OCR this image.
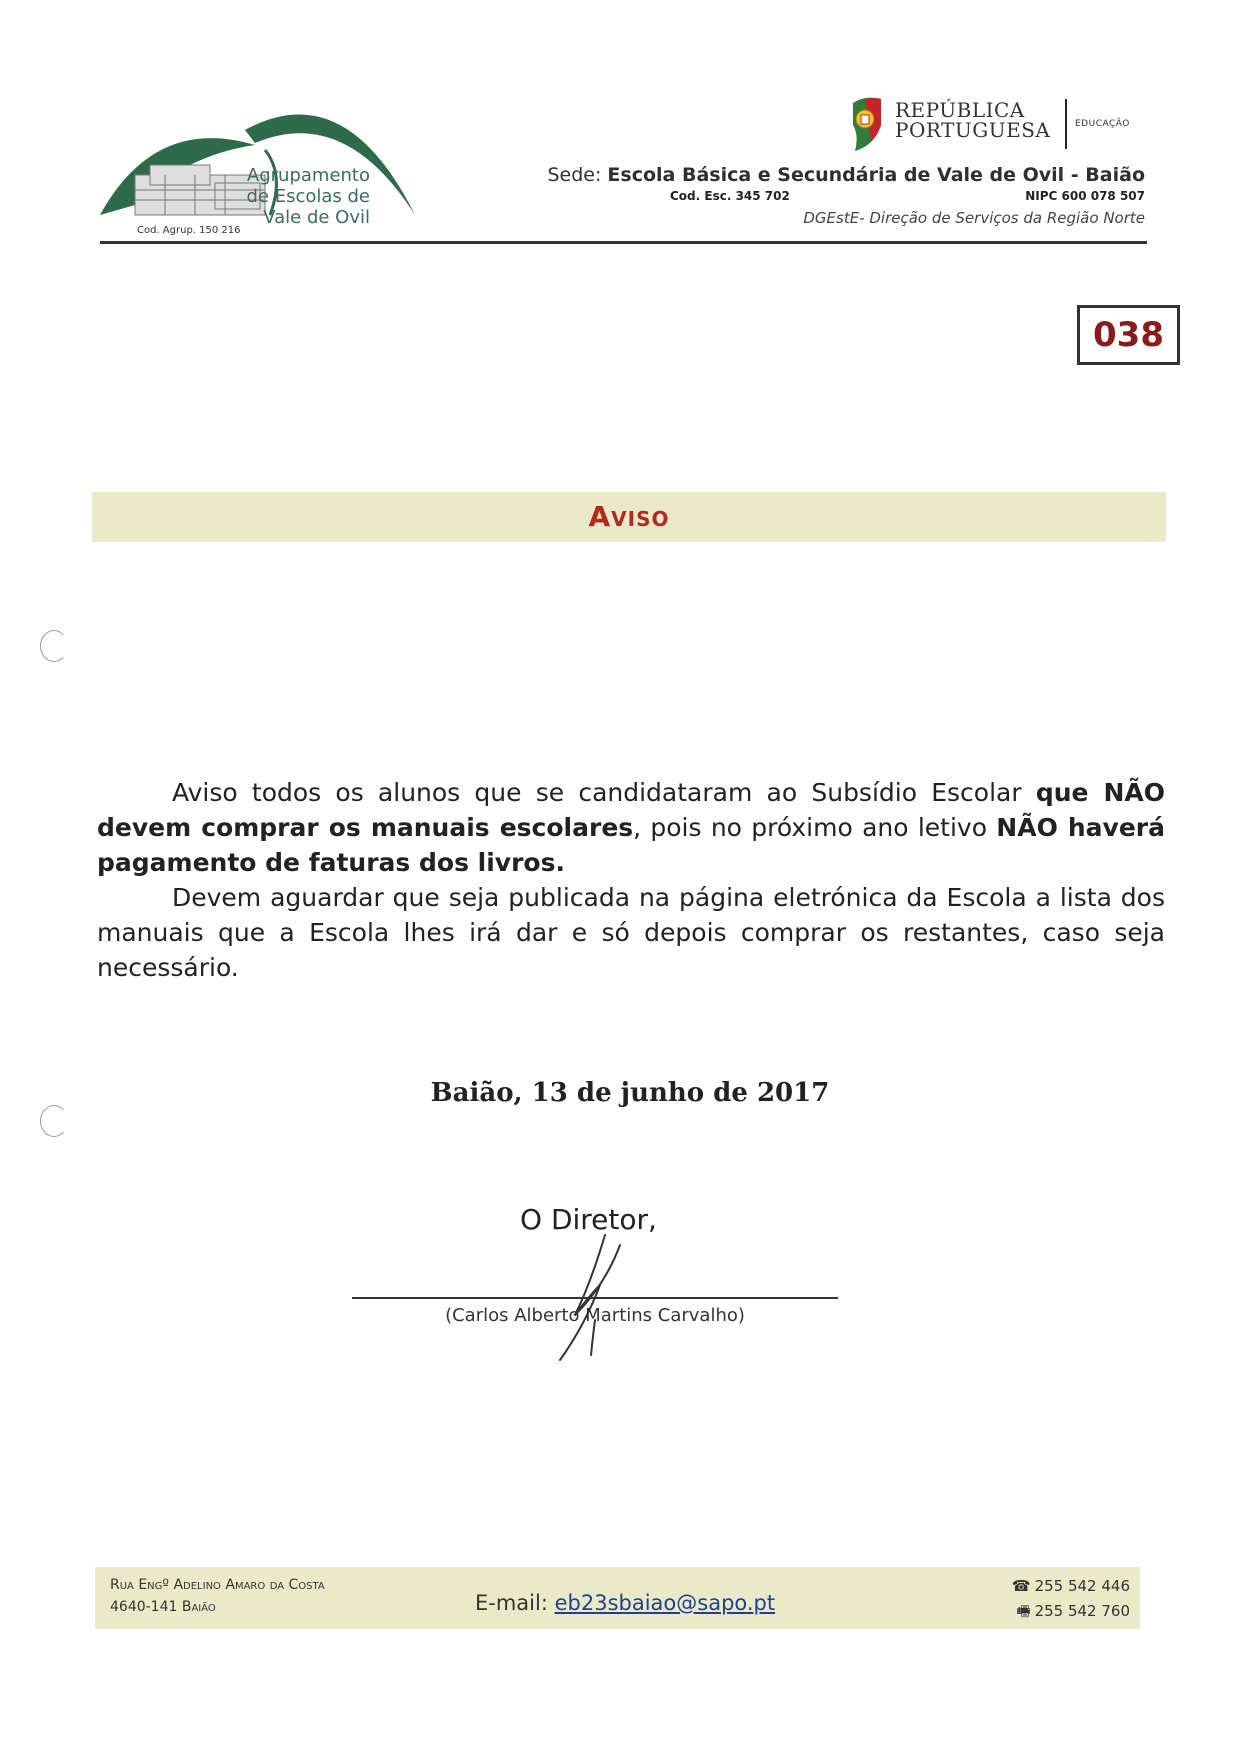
Agrupamento
de Escolas de
Vale de Ovil
Cod. Agrup. 150 216
REPÚBLICA
PORTUGUESA	EDUCAÇÃO
Sede: Escola Básica e Secundária de Vale de Ovil - Baião
Cod. Esc. 345 702	NIPC 600 078 507
DGEstE- Direção de Serviços da Região Norte
038
Aviso

Aviso todos os alunos que se candidataram ao Subsídio Escolar que NÃO devem comprar os manuais escolares, pois no próximo ano letivo NÃO haverá pagamento de faturas dos livros.

Devem aguardar que seja publicada na página eletrónica da Escola a lista dos manuais que a Escola lhes irá dar e só depois comprar os restantes, caso seja necessário.

Baião, 13 de junho de 2017
O Diretor,
(Carlos Alberto Martins Carvalho)
Rua Engº Adelino Amaro da Costa
4640-141 Baião	E-mail: eb23sbaiao@sapo.pt
☎ 255 542 446
🖷 255 542 760
